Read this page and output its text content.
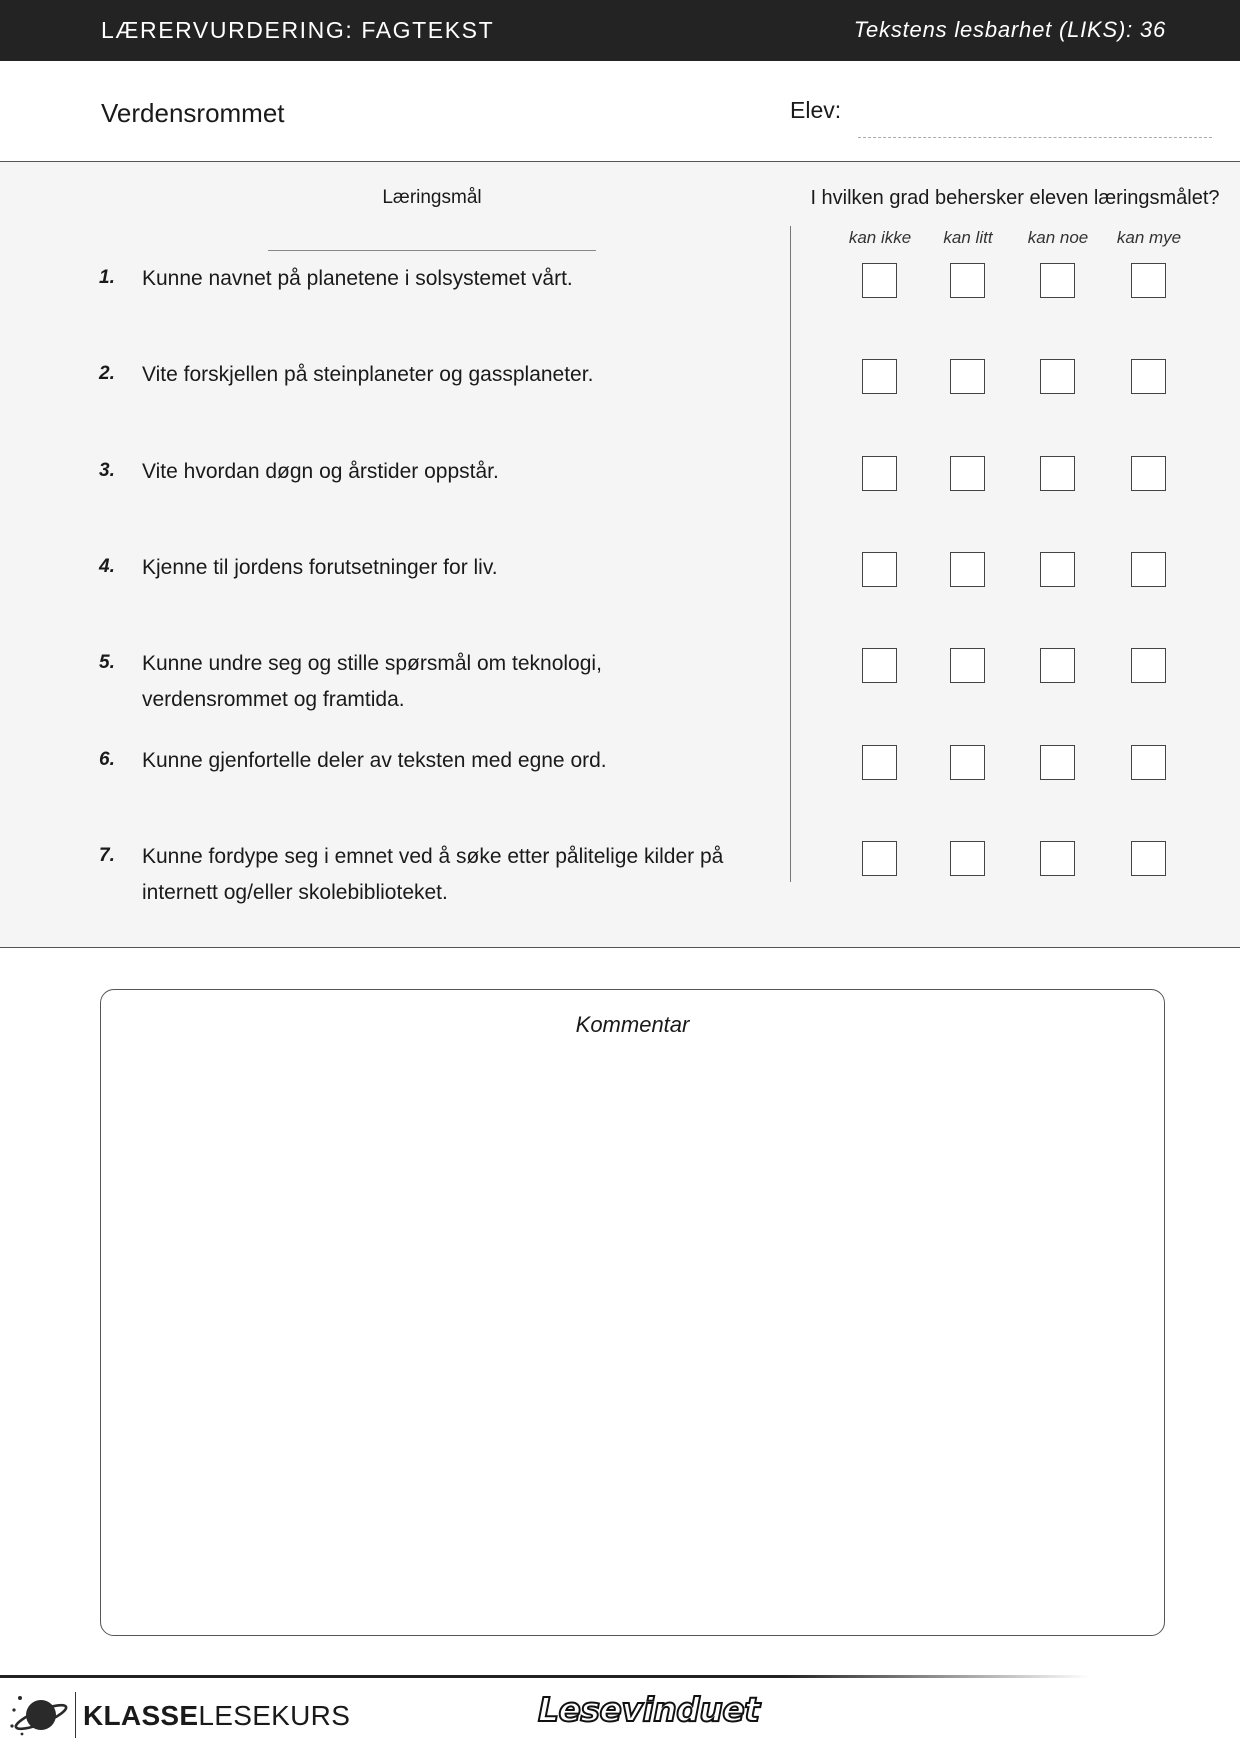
LÆRERVURDERING: FAGTEKST	Tekstens lesbarhet (LIKS): 36
Verdensrommet	Elev:
Læringsmål	I hvilken grad behersker eleven læringsmålet?
kan ikke	kan litt	kan noe	kan mye
1. Kunne navnet på planetene i solsystemet vårt.
2. Vite forskjellen på steinplaneter og gassplaneter.
3. Vite hvordan døgn og årstider oppstår.
4. Kjenne til jordens forutsetninger for liv.
5. Kunne undre seg og stille spørsmål om teknologi, verdensrommet og framtida.
6. Kunne gjenfortelle deler av teksten med egne ord.
7. Kunne fordype seg i emnet ved å søke etter pålitelige kilder på internett og/eller skolebiblioteket.
Kommentar
KLASSELESEKURS	Lesevinduet
